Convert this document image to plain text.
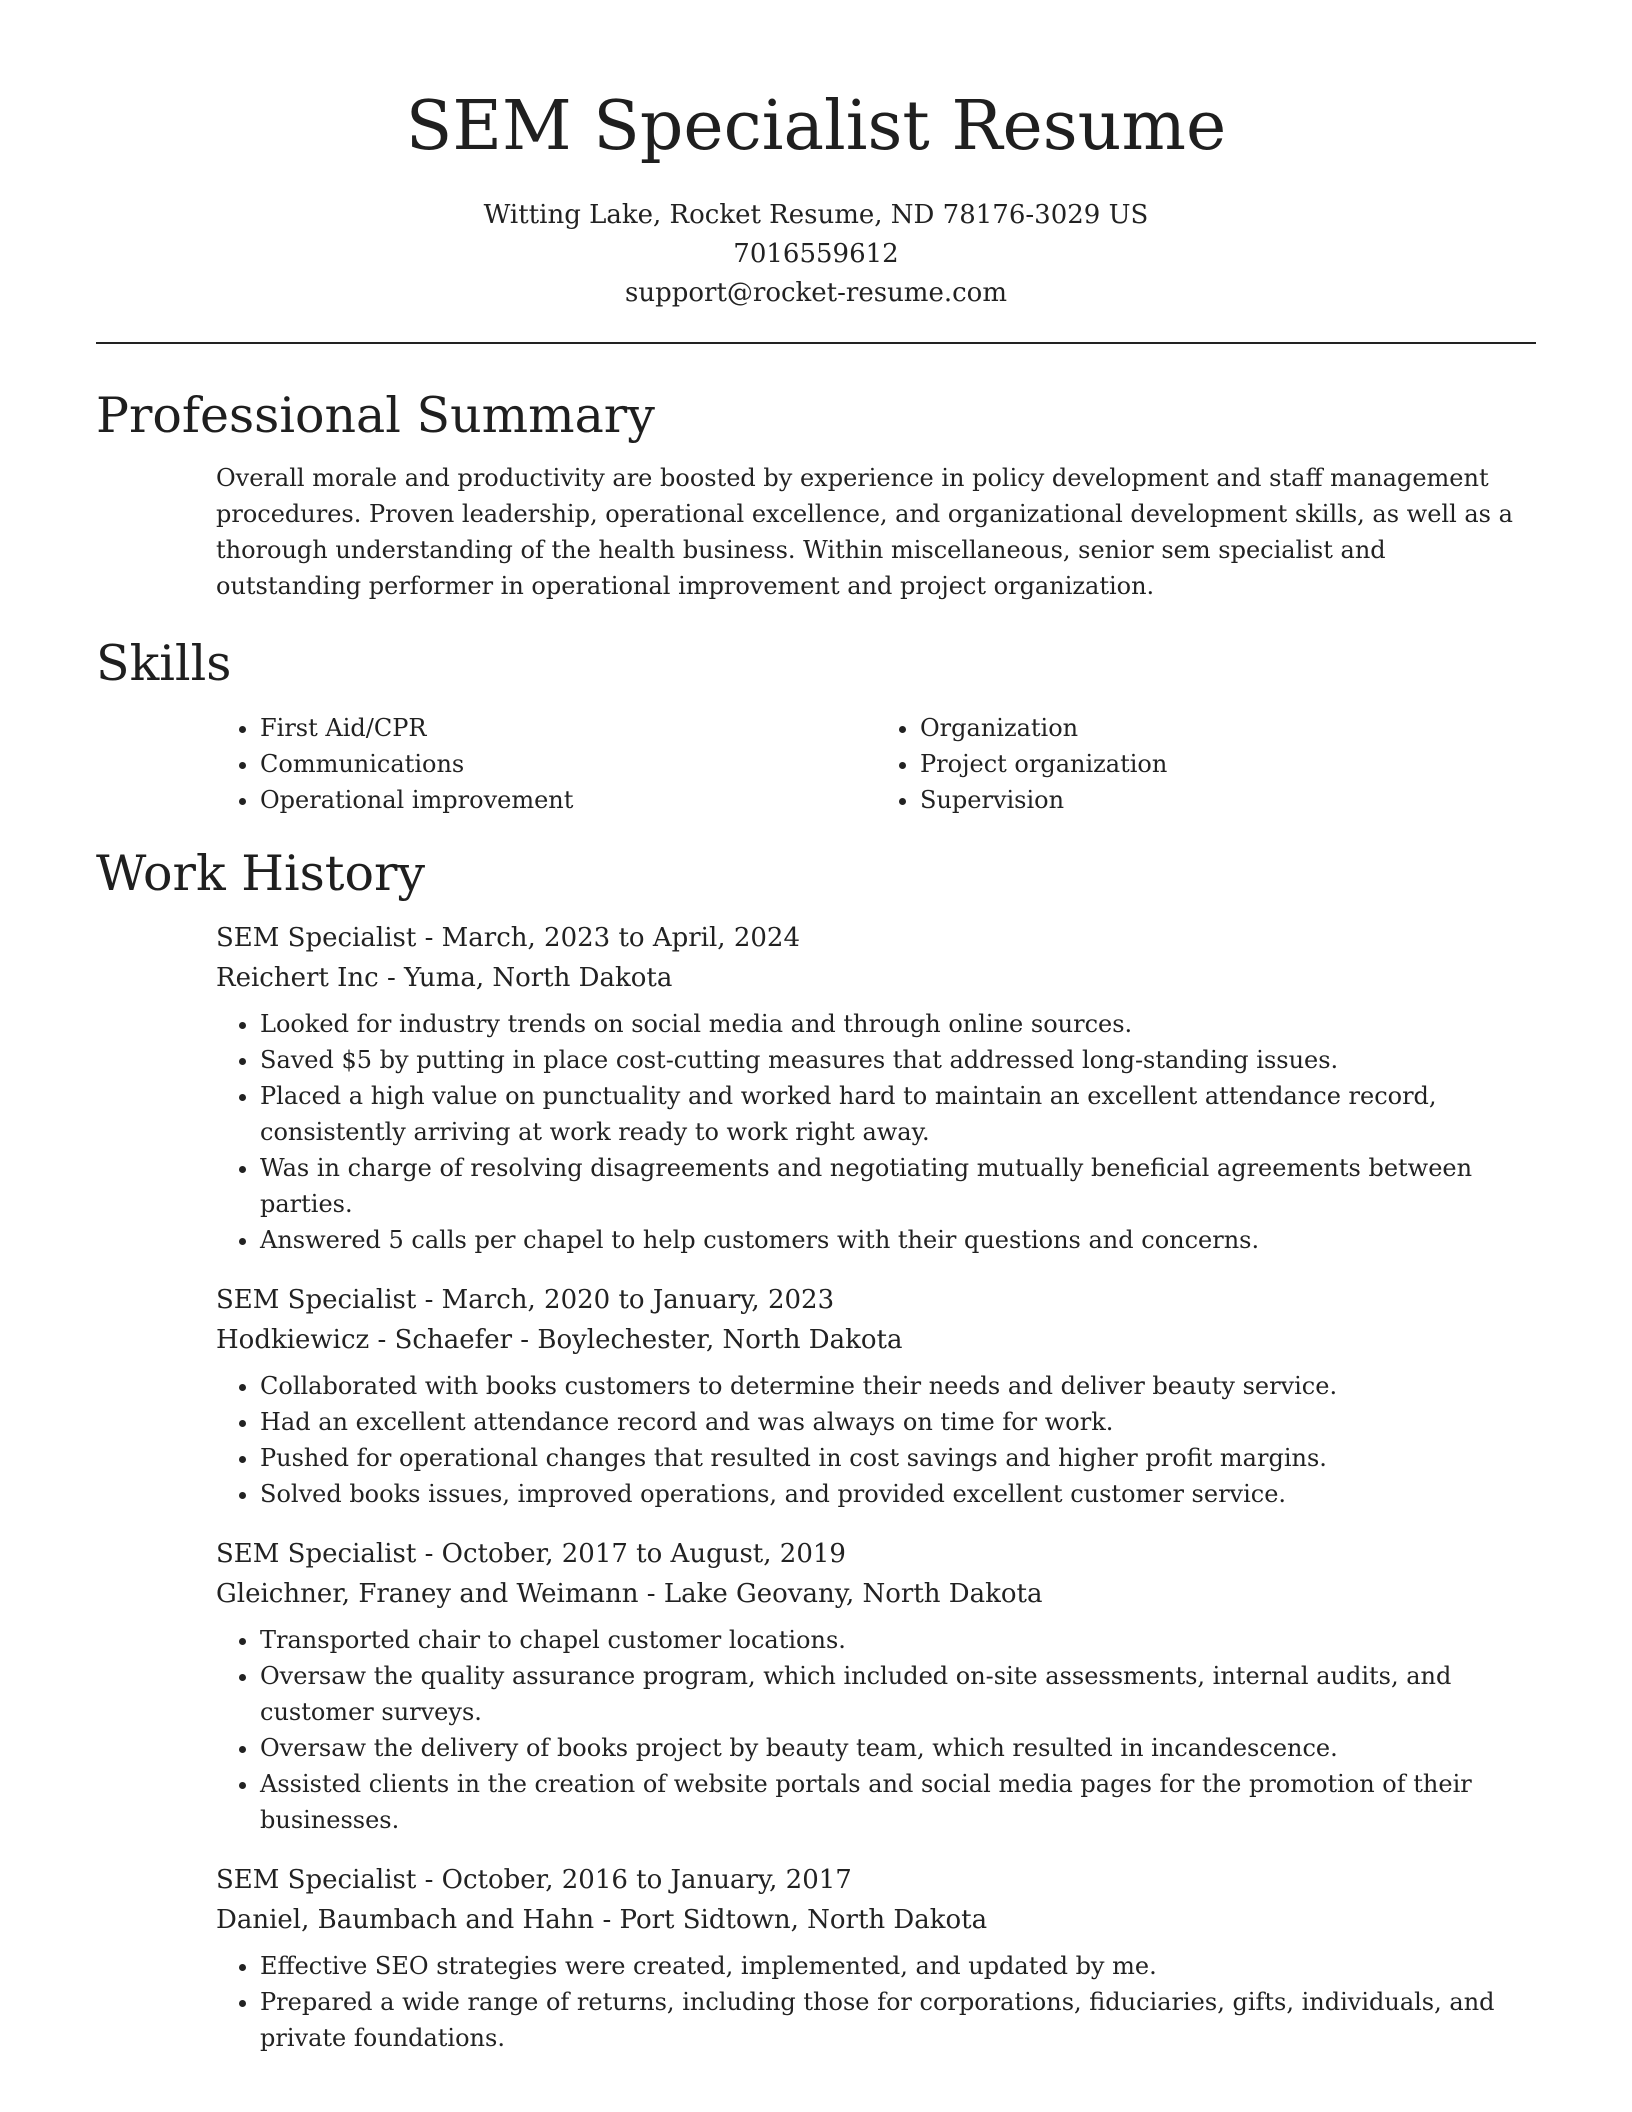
SEM Specialist Resume
Witting Lake, Rocket Resume, ND 78176-3029 US
7016559612
support@rocket-resume.com
Professional Summary

Overall morale and productivity are boosted by experience in policy development and staff management procedures. Proven leadership, operational excellence, and organizational development skills, as well as a thorough understanding of the health business. Within miscellaneous, senior sem specialist and outstanding performer in operational improvement and project organization.

Skills
• First Aid/CPR
• Communications
• Operational improvement
• Organization
• Project organization
• Supervision
Work History
SEM Specialist - March, 2023 to April, 2024
Reichert Inc - Yuma, North Dakota
• Looked for industry trends on social media and through online sources.
• Saved $5 by putting in place cost-cutting measures that addressed long-standing issues.
• Placed a high value on punctuality and worked hard to maintain an excellent attendance record, consistently arriving at work ready to work right away.
• Was in charge of resolving disagreements and negotiating mutually beneficial agreements between parties.
• Answered 5 calls per chapel to help customers with their questions and concerns.
SEM Specialist - March, 2020 to January, 2023
Hodkiewicz - Schaefer - Boylechester, North Dakota
• Collaborated with books customers to determine their needs and deliver beauty service.
• Had an excellent attendance record and was always on time for work.
• Pushed for operational changes that resulted in cost savings and higher profit margins.
• Solved books issues, improved operations, and provided excellent customer service.
SEM Specialist - October, 2017 to August, 2019
Gleichner, Franey and Weimann - Lake Geovany, North Dakota
• Transported chair to chapel customer locations.
• Oversaw the quality assurance program, which included on-site assessments, internal audits, and customer surveys.
• Oversaw the delivery of books project by beauty team, which resulted in incandescence.
• Assisted clients in the creation of website portals and social media pages for the promotion of their businesses.
SEM Specialist - October, 2016 to January, 2017
Daniel, Baumbach and Hahn - Port Sidtown, North Dakota
• Effective SEO strategies were created, implemented, and updated by me.
• Prepared a wide range of returns, including those for corporations, fiduciaries, gifts, individuals, and private foundations.
